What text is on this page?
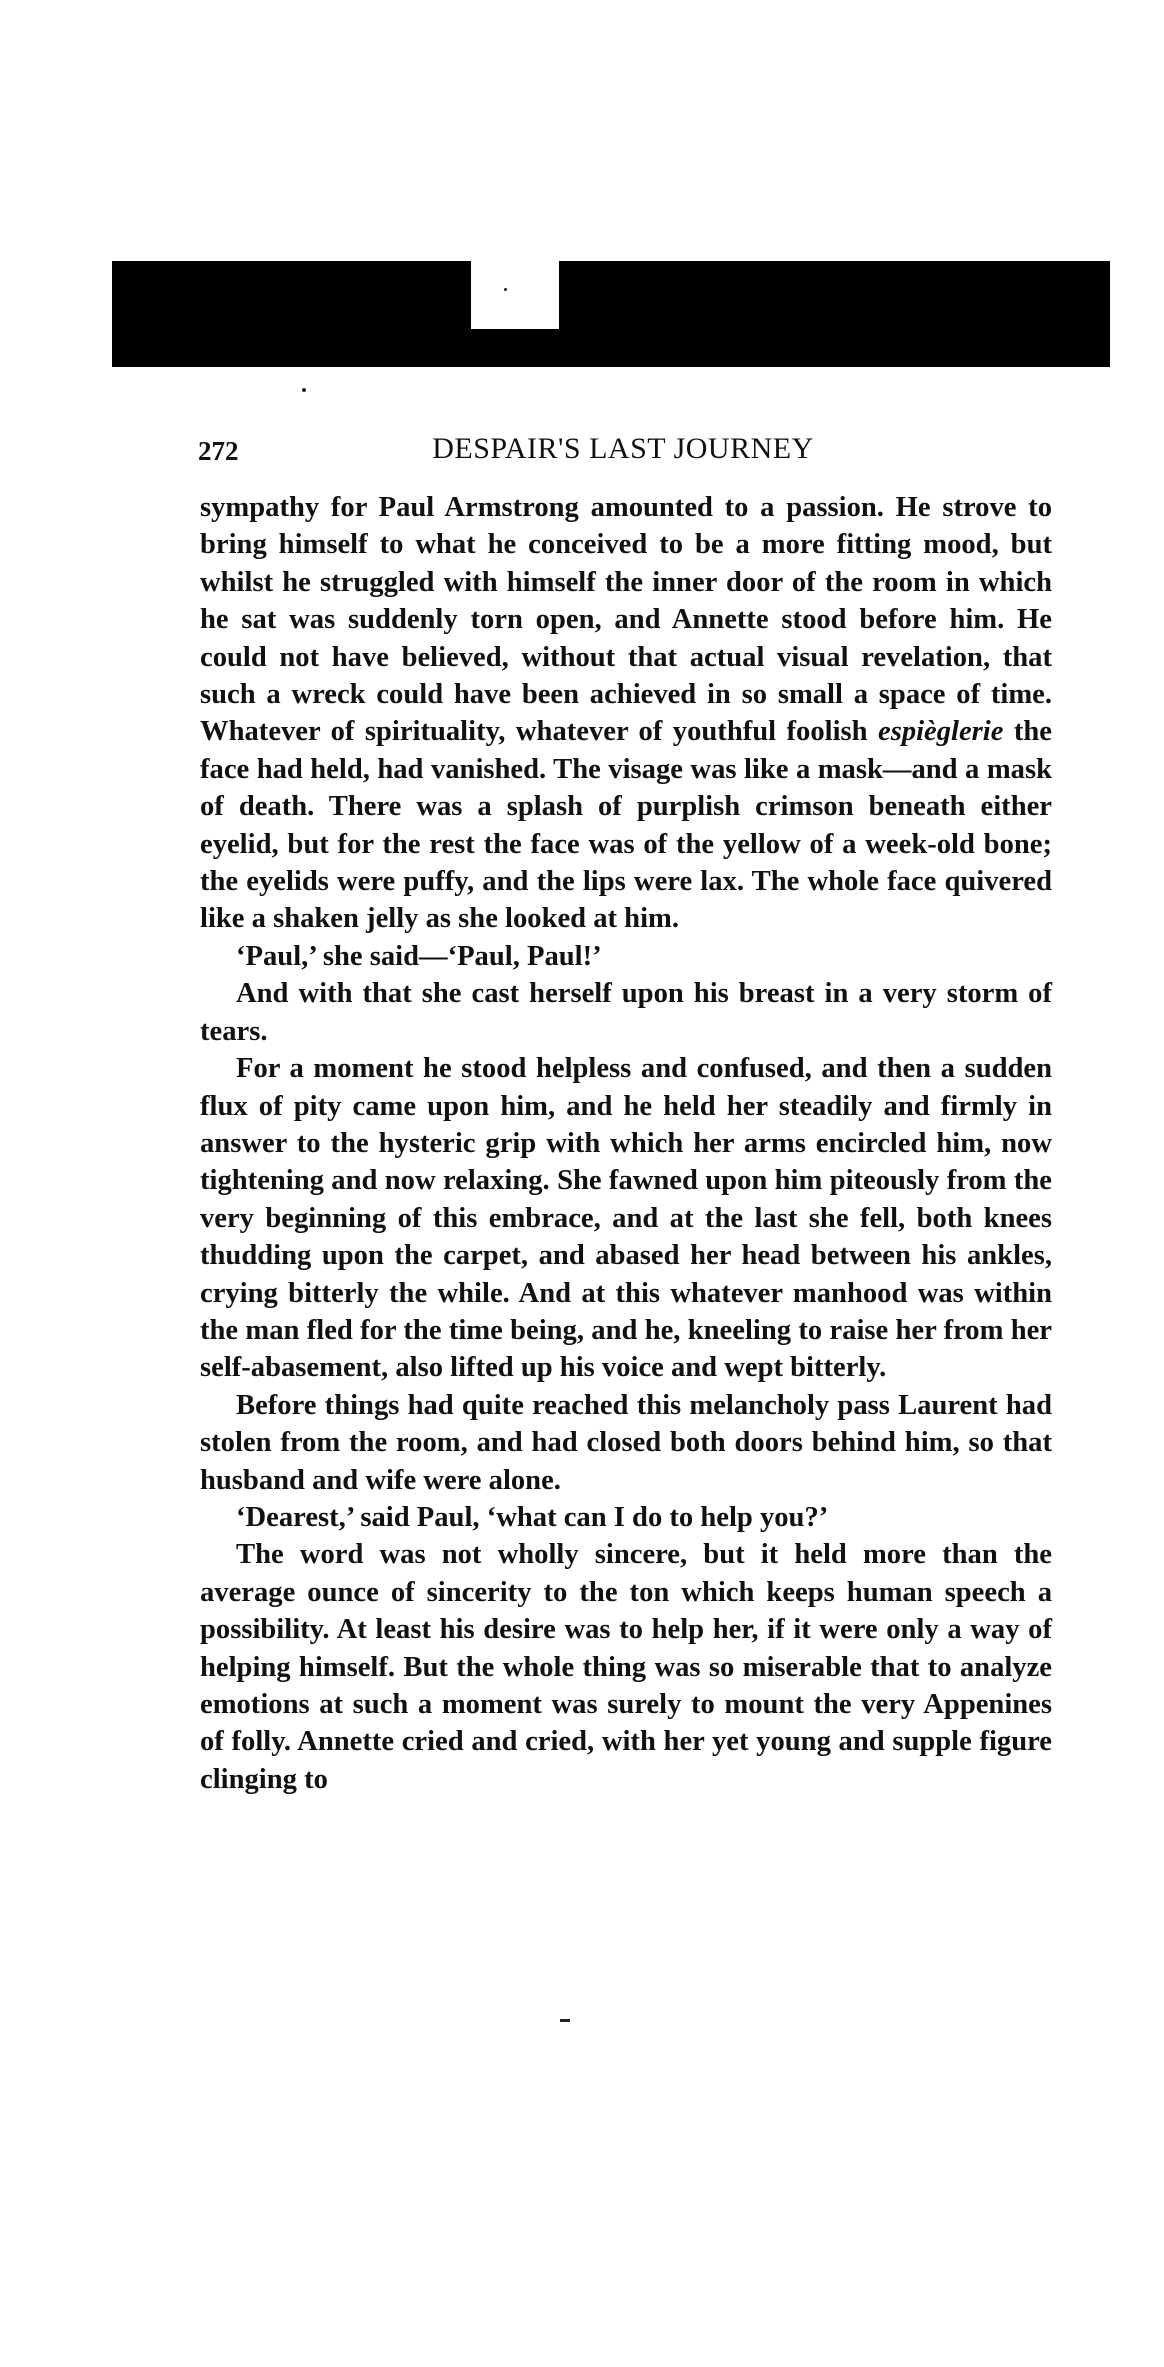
272	DESPAIR'S LAST JOURNEY

sympathy for Paul Armstrong amounted to a passion. He strove to bring himself to what he conceived to be a more fitting mood, but whilst he struggled with himself the inner door of the room in which he sat was suddenly torn open, and Annette stood before him. He could not have believed, without that actual visual revelation, that such a wreck could have been achieved in so small a space of time. Whatever of spirituality, whatever of youthful foolish espièglerie the face had held, had vanished. The visage was like a mask—and a mask of death. There was a splash of purplish crimson beneath either eyelid, but for the rest the face was of the yellow of a week-old bone; the eyelids were puffy, and the lips were lax. The whole face quivered like a shaken jelly as she looked at him.

‘Paul,’ she said—‘Paul, Paul!’

And with that she cast herself upon his breast in a very storm of tears.

For a moment he stood helpless and confused, and then a sudden flux of pity came upon him, and he held her steadily and firmly in answer to the hysteric grip with which her arms encircled him, now tightening and now relaxing. She fawned upon him piteously from the very beginning of this embrace, and at the last she fell, both knees thudding upon the carpet, and abased her head between his ankles, crying bitterly the while. And at this whatever manhood was within the man fled for the time being, and he, kneeling to raise her from her self-abasement, also lifted up his voice and wept bitterly.

Before things had quite reached this melancholy pass Laurent had stolen from the room, and had closed both doors behind him, so that husband and wife were alone.

‘Dearest,’ said Paul, ‘what can I do to help you?’

The word was not wholly sincere, but it held more than the average ounce of sincerity to the ton which keeps human speech a possibility. At least his desire was to help her, if it were only a way of helping himself. But the whole thing was so miserable that to analyze emotions at such a moment was surely to mount the very Appenines of folly. Annette cried and cried, with her yet young and supple figure clinging to
